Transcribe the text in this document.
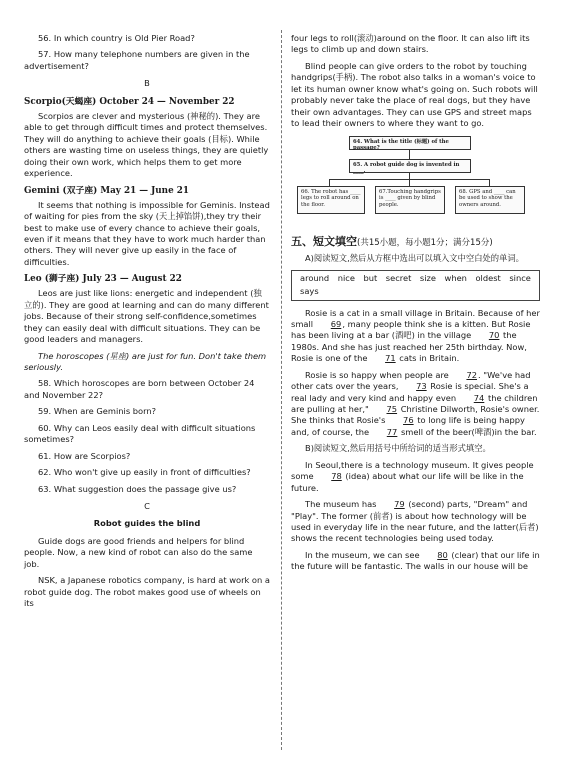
56. In which country is Old Pier Road?

57. How many telephone numbers are given in the advertisement?

B

Scorpio(天蝎座) October 24 — November 22

Scorpios are clever and mysterious (神秘的). They are able to get through difficult times and protect themselves. They will do anything to achieve their goals (目标). While others are wasting time on useless things, they are quietly doing their own work, which helps them to get more experience.

Gemini (双子座) May 21 — June 21

It seems that nothing is impossible for Geminis. Instead of waiting for pies from the sky (天上掉馅饼),they try their best to make use of every chance to achieve their goals, even if it means that they have to work much harder than others. They will never give up easily in the face of difficulties.

Leo (狮子座) July 23 — August 22

Leos are just like lions: energetic and independent (独立的). They are good at learning and can do many different jobs. Because of their strong self-confidence,sometimes they can easily deal with difficult situations. They can be good leaders and managers.

The horoscopes (星座) are just for fun. Don't take them seriously.

58. Which horoscopes are born between October 24 and November 22?

59. When are Geminis born?

60. Why can Leos easily deal with difficult situations sometimes?

61. How are Scorpios?

62. Who won't give up easily in front of difficulties?

63. What suggestion does the passage give us?

C

Robot guides the blind

Guide dogs are good friends and helpers for blind people. Now, a new kind of robot can also do the same job.

NSK, a Japanese robotics company, is hard at work on a robot guide dog. The robot makes good use of wheels on its

four legs to roll(滚动)around on the floor. It can also lift its legs to climb up and down stairs.

Blind people can give orders to the robot by touching handgrips(手柄). The robot also talks in a woman's voice to let its human owner know what's going on. Such robots will probably never take the place of real dogs, but they have their own advantages. They can use GPS and street maps to lead their owners to where they want to go.

64. What is the title (标题) of the passage?
65. A robot guide dog is invented in ____.
66. The robot has ____ legs to roll around on the floor.
67.Touching handgrips is ____ given by blind people.
68. GPS and ____ can be used to show the owners around.

五、短文填空(共15小题，每小题1分；满分15分)

A)阅读短文,然后从方框中选出可以填入文中空白处的单词。

around	nice	but	secret	size	when	oldest	since
says

Rosie is a cat in a small village in Britain. Because of her small 69, many people think she is a kitten. But Rosie has been living at a bar (酒吧) in the village 70 the 1980s. And she has just reached her 25th birthday. Now, Rosie is one of the 71 cats in Britain.

Rosie is so happy when people are 72. "We've had other cats over the years, 73 Rosie is special. She's a real lady and very kind and happy even 74 the children are pulling at her," 75 Christine Dilworth, Rosie's owner. She thinks that Rosie's 76 to long life is being happy and, of course, the 77 smell of the beer(啤酒)in the bar.

B)阅读短文,然后用括号中所给词的适当形式填空。

In Seoul,there is a technology museum. It gives people some 78 (idea) about what our life will be like in the future.

The museum has 79 (second) parts, "Dream" and "Play". The former (前者) is about how technology will be used in everyday life in the near future, and the latter(后者) shows the recent technologies being used today.

In the museum, we can see 80 (clear) that our life in the future will be fantastic. The walls in our house will be
